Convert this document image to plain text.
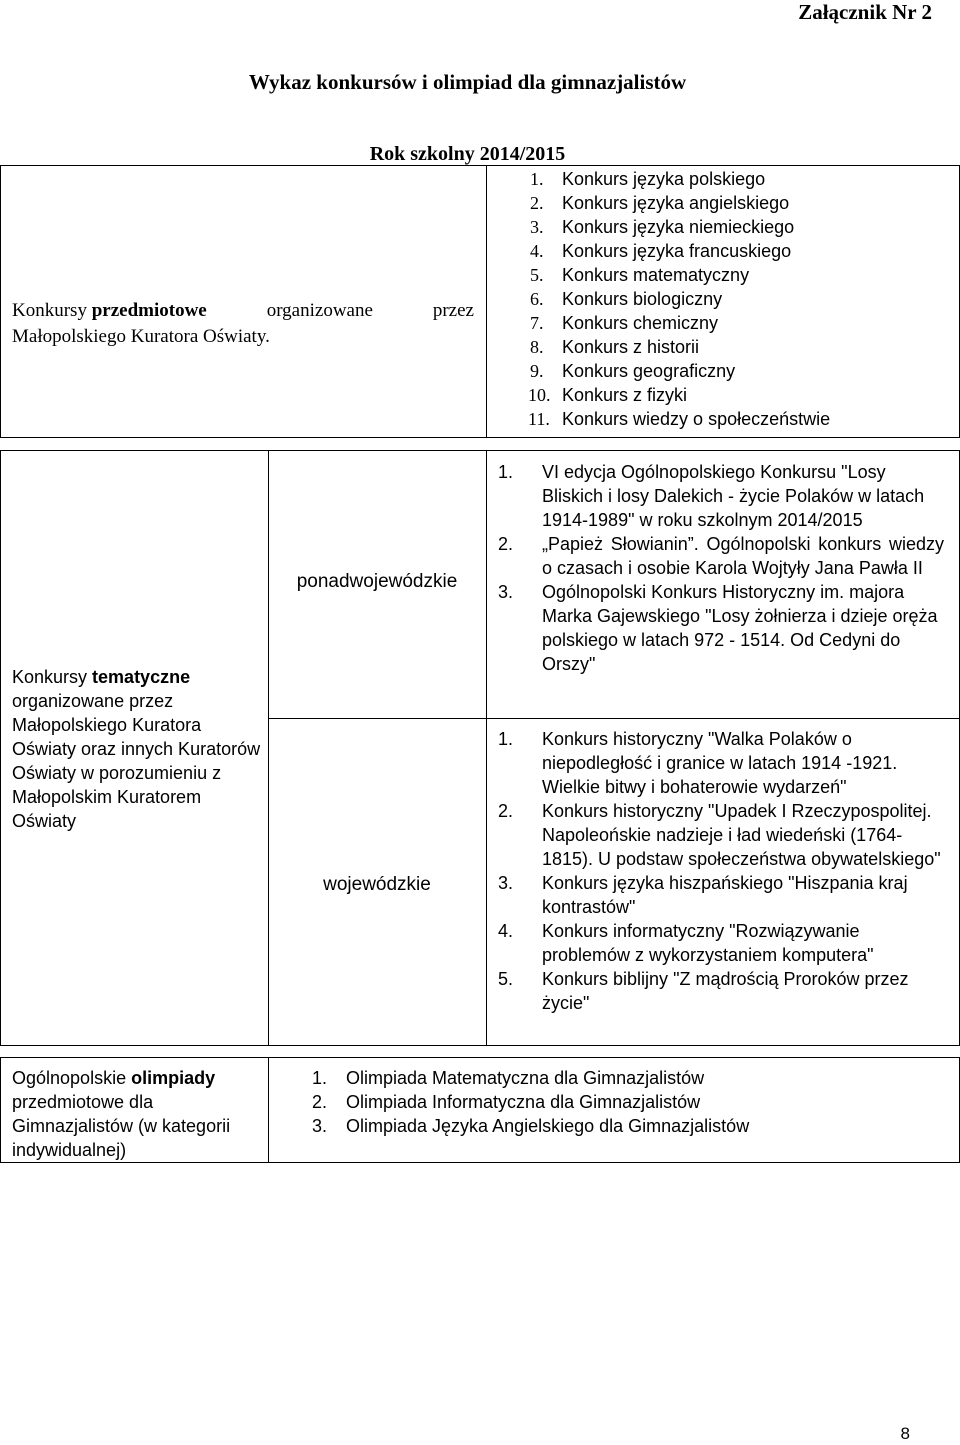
Załącznik Nr 2
Wykaz konkursów i olimpiad dla gimnazjalistów
Rok szkolny 2014/2015
Konkursy przedmiotowe	organizowane	przez
Małopolskiego Kuratora Oświaty.
1. Konkurs języka polskiego
2. Konkurs języka angielskiego
3. Konkurs języka niemieckiego
4. Konkurs języka francuskiego
5. Konkurs matematyczny
6. Konkurs biologiczny
7. Konkurs chemiczny
8. Konkurs z historii
9. Konkurs geograficzny
10. Konkurs z fizyki
11. Konkurs wiedzy o społeczeństwie
Konkursy tematyczne
organizowane przez Małopolskiego Kuratora Oświaty oraz innych Kuratorów Oświaty w porozumieniu z Małopolskim Kuratorem Oświaty
ponadwojewódzkie
wojewódzkie
1. VI edycja Ogólnopolskiego Konkursu "Losy Bliskich i losy Dalekich - życie Polaków w latach 1914-1989" w roku szkolnym 2014/2015
2. „Papież Słowianin”. Ogólnopolski konkurs wiedzy o czasach i osobie Karola Wojtyły Jana Pawła II
3. Ogólnopolski Konkurs Historyczny im. majora Marka Gajewskiego "Losy żołnierza i dzieje oręża polskiego w latach 972 - 1514. Od Cedyni do Orszy"
1. Konkurs historyczny "Walka Polaków o niepodległość i granice w latach 1914 -1921. Wielkie bitwy i bohaterowie wydarzeń"
2. Konkurs historyczny "Upadek I Rzeczypospolitej. Napoleońskie nadzieje i ład wiedeński (1764-1815). U podstaw społeczeństwa obywatelskiego"
3. Konkurs języka hiszpańskiego "Hiszpania kraj kontrastów"
4. Konkurs informatyczny "Rozwiązywanie problemów z wykorzystaniem komputera"
5. Konkurs biblijny "Z mądrością Proroków przez życie"
Ogólnopolskie olimpiady
przedmiotowe dla Gimnazjalistów (w kategorii indywidualnej)
1. Olimpiada Matematyczna dla Gimnazjalistów
2. Olimpiada Informatyczna dla Gimnazjalistów
3. Olimpiada Języka Angielskiego dla Gimnazjalistów
8
